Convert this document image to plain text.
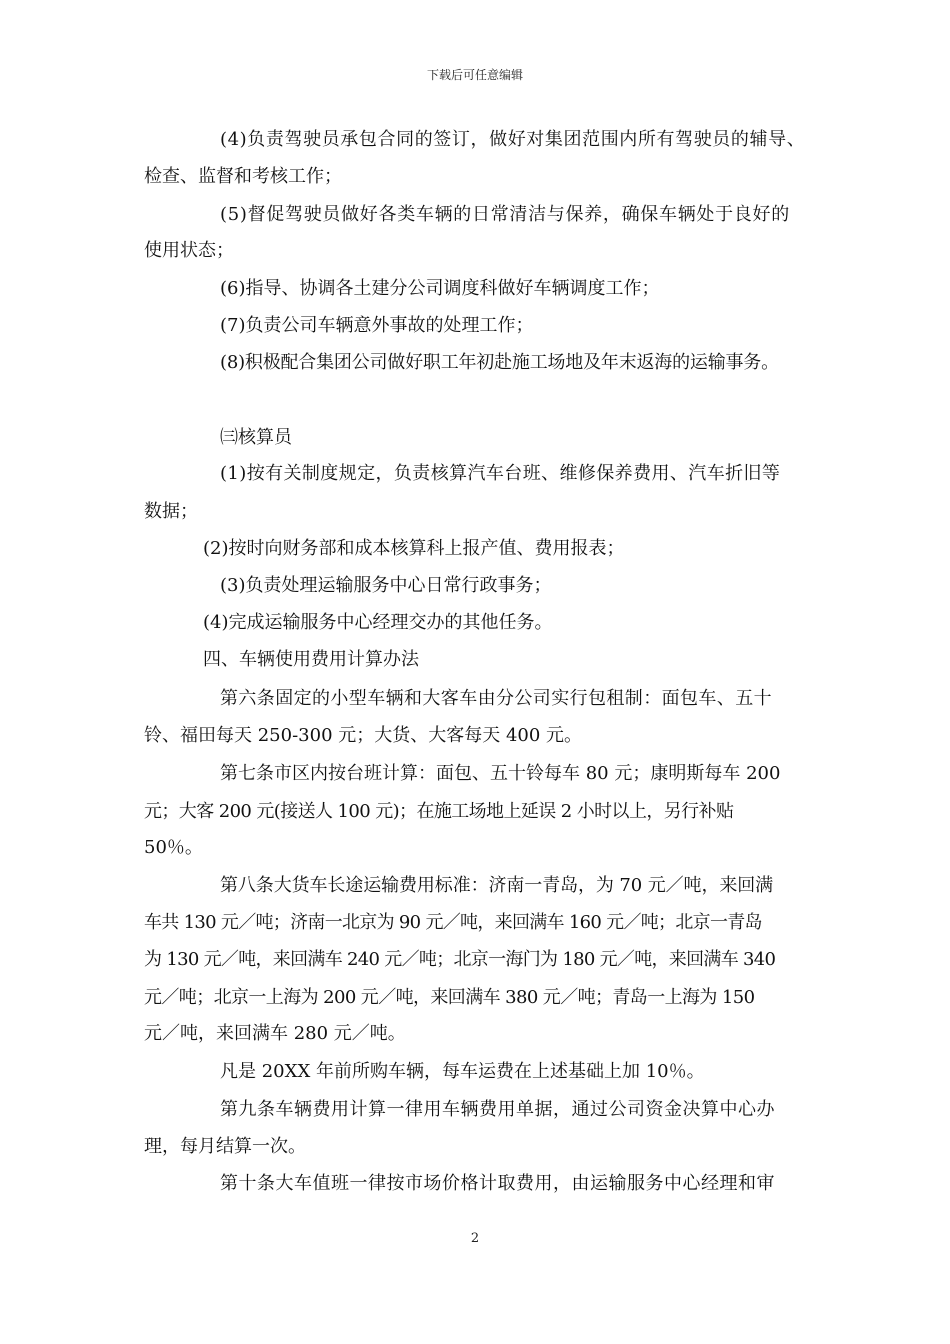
下载后可任意编辑
(4)负责驾驶员承包合同的签订，做好对集团范围内所有驾驶员的辅导、
检查、监督和考核工作；
(5)督促驾驶员做好各类车辆的日常清洁与保养，确保车辆处于良好的
使用状态；
(6)指导、协调各土建分公司调度科做好车辆调度工作；
(7)负责公司车辆意外事故的处理工作；
(8)积极配合集团公司做好职工年初赴施工场地及年末返海的运输事务。
㈢核算员
(1)按有关制度规定，负责核算汽车台班、维修保养费用、汽车折旧等
数据；
(2)按时向财务部和成本核算科上报产值、费用报表；
(3)负责处理运输服务中心日常行政事务；
(4)完成运输服务中心经理交办的其他任务。
四、车辆使用费用计算办法
第六条固定的小型车辆和大客车由分公司实行包租制：面包车、五十
铃、福田每天 250-300 元；大货、大客每天 400 元。
第七条市区内按台班计算：面包、五十铃每车 80 元；康明斯每车 200
元；大客 200 元(接送人 100 元)；在施工场地上延误 2 小时以上，另行补贴
50％。
第八条大货车长途运输费用标准：济南一青岛，为 70 元／吨，来回满
车共 130 元／吨；济南一北京为 90 元／吨，来回满车 160 元／吨；北京一青岛
为 130 元／吨，来回满车 240 元／吨；北京一海门为 180 元／吨，来回满车 340
元／吨；北京一上海为 200 元／吨，来回满车 380 元／吨；青岛一上海为 150
元／吨，来回满车 280 元／吨。
凡是 20XX 年前所购车辆，每车运费在上述基础上加 10％。
第九条车辆费用计算一律用车辆费用单据，通过公司资金决算中心办
理，每月结算一次。
第十条大车值班一律按市场价格计取费用，由运输服务中心经理和审
2
